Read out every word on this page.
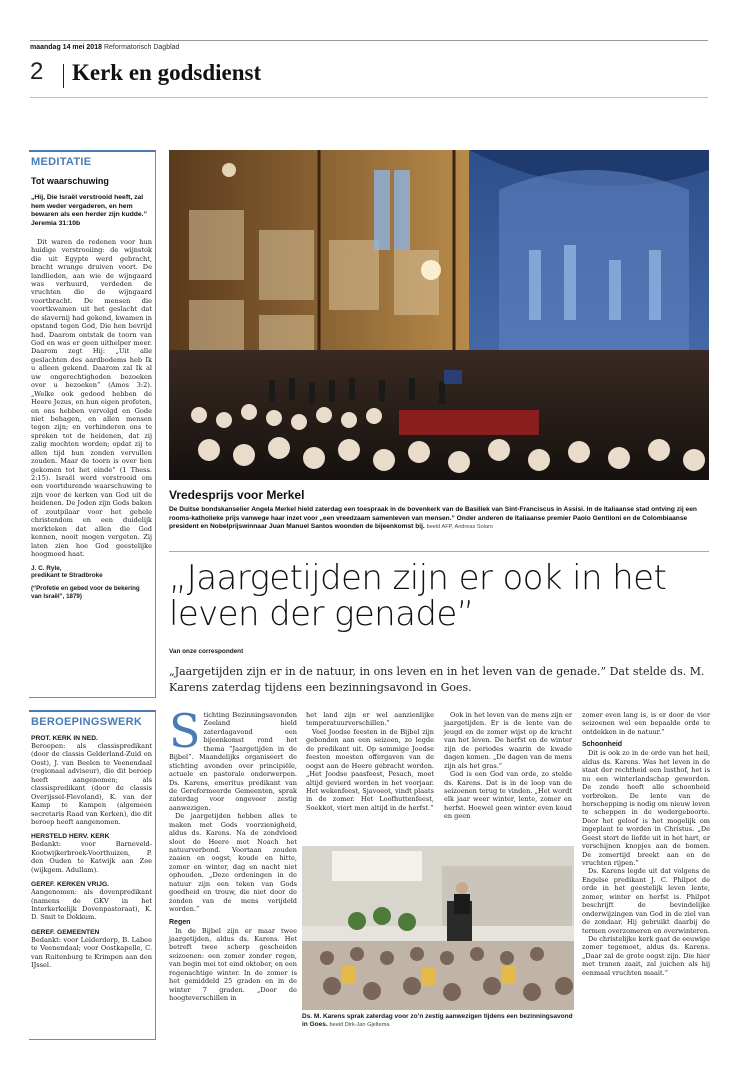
maandag 14 mei 2018 Reformatorisch Dagblad
2 Kerk en godsdienst
MEDITATIE
Tot waarschuwing
„Hij, Die Israël verstrooid heeft, zal hem weder vergaderen, en hem bewaren als een herder zijn kudde.”
Jeremia 31:10b
Dit waren de redenen voor hun huidige verstrooiing: de wijnstok die uit Egypte werd gebracht, bracht wrange druiven voort. De landlieden, aan wie de wijngaard was verhuurd, verdeden de vruchten die de wijngaard voortbracht. De mensen die voortkwamen uit het geslacht dat de slavernij had gekend, kwamen in opstand tegen God, Die hen bevrijd had. Daarom ontstak de toorn van God en was er geen uithelper meer. Daarom zegt Hij: „Uit alle geslachten des aardbodems heb Ik u alleen gekend. Daarom zal Ik al uw ongerechtigheden bezoeken over u bezoeken” (Amos 3:2). „Welke ook gedood hebben de Heere Jezus, en hun eigen profeten, en ons hebben vervolgd en Gode niet behagen, en allen mensen tegen zijn; en verhinderen ons te spreken tot de heidenen, dat zij zalig mochten worden; opdat zij te allen tijd hun zonden vervullen zouden. Maar de toorn is over hen gekomen tot het einde” (1 Thess. 2:15). Israël werd verstrooid om een voortdurende waarschuwing te zijn voor de kerken van God uit de heidenen. De Joden zijn Gods baken of zoutpilaar voor het gehele christendom en een duidelijk merkteken dat allen die God kennen, nooit mogen vergeten. Zij laten zien hoe God geestelijke hoogmoed haat.
J. C. Ryle,
predikant te Stradbroke
(“Profetie en gebed voor de bekering van Israël”, 1879)
BEROEPINGSWERK
PROT. KERK IN NED.
Beroepen: als classispredikant (door de classis Gelderland-Zuid en Oost), J. van Beelen te Veenendaal (regionaal adviseur), die dit beroep heeft aangenomen; als classispredikant (door de classis Overijssel-Flevoland), K. van der Kamp te Kampen (algemeen secretaris Raad van Kerken), die dit beroep heeft aangenomen.
HERSTELD HERV. KERK
Bedankt: voor Barneveld-Kootwijkerbroek-Voorthuizen, P. den Ouden te Katwijk aan Zee (wijkgem. Adullam).
GEREF. KERKEN VRIJG.
Aangenomen: als dovenpredikant (namens de GKV in het Interkerkelijk Dovenpastoraat), K. D. Smit te Dokkum.
GEREF. GEMEENTEN
Bedankt: voor Leiderdorp, B. Labee te Veenendaal; voor Oostkapelle, C. van Ruitenburg te Krimpen aan den IJssel.
Vredesprijs voor Merkel
De Duitse bondskanselier Angela Merkel hield zaterdag een toespraak in de bovenkerk van de Basiliek van Sint-Franciscus in Assisi. In de Italiaanse stad ontving zij een rooms-katholieke prijs vanwege haar inzet voor „een vreedzaam samenleven van mensen.” Onder anderen de Italiaanse premier Paolo Gentiloni en de Colombiaanse president en Nobelprijswinnaar Juan Manuel Santos woonden de bijeenkomst bij. beeld AFP, Andreas Solaro
„Jaargetijden zijn er ook in het leven der genade”
Van onze correspondent
„Jaargetijden zijn er in de natuur, in ons leven en in het leven van de genade.” Dat stelde ds. M. Karens zaterdag tijdens een bezinningsavond in Goes.
S tichting Bezinningsavonden Zeeland hield zaterdagavond een bijeenkomst rond het thema “Jaargetijden in de Bijbel”. Maandelijks organiseert de stichting avonden over principiële, actuele en pastorale onderwerpen. Ds. Karens, emeritus predikant van de Gereformeerde Gemeenten, sprak zaterdag voor ongeveer zestig aanwezigen.

De jaargetijden hebben alles te maken met Gods voorzienigheid, aldus ds. Karens. Na de zondvloed sloot de Heere met Noach het natuurverbond. Voortaan zouden zaaien en oogst, koude en hitte, zomer en winter, dag en nacht niet ophouden. „Deze ordeningen in de natuur zijn een teken van Gods goedheid en trouw, die niet door de zonden van de mens verijdeld worden.”

Regen

In de Bijbel zijn er maar twee jaargetijden, aldus ds. Karens. Het betreft twee scherp gescheiden seizoenen: een zomer zonder regen, van begin mei tot eind oktober, en een regenachtige winter. In de zomer is het gemiddeld 25 graden en in de winter 7 graden. „Door de hoogteverschillen in

het land zijn er wel aanzienlijke temperatuurverschillen.”

Veel Joodse feesten in de Bijbel zijn gebonden aan een seizoen, zo legde de predikant uit. Op sommige Joodse feesten moesten offergaven van de oogst aan de Heere gebracht worden. „Het Joodse paasfeest, Pesach, moet altijd gevierd worden in het voorjaar. Het wekenfeest, Sjavoeot, vindt plaats in de zomer. Het Loofhuttenfeest, Soekkot, viert men altijd in de herfst.”

Ook in het leven van de mens zijn er jaargetijden. Er is de lente van de jeugd en de zomer wijst op de kracht van het leven. De herfst en de winter zijn de periodes waarin de kwade dagen komen. „De dagen van de mens zijn als het gras.”

God is een God van orde, zo stelde ds. Karens. Dat is in de loop van de seizoenen terug te vinden. „Het wordt elk jaar weer winter, lente, zomer en herfst. Hoewel geen winter even koud en geen

zomer even lang is, is er door de vier seizoenen wel een bepaalde orde te ontdekken in de natuur.”

Schoonheid

Dit is ook zo in de orde van het heil, aldus ds. Karens. Was het leven in de staat der rechtheid een lusthof, het is nu een winterlandschap geworden. De zonde heeft alle schoonheid verbroken. De lente van de herschepping is nodig om nieuw leven te scheppen in de wedergeboorte. Door het geloof is het mogelijk om ingeplant te worden in Christus. „De Geest stort de liefde uit in het hart, er verschijnen knopjes aan de bomen. De zomertijd breekt aan en de vruchten rijpen.”

Ds. Karens legde uit dat volgens de Engelse predikant J. C. Philpot de orde in het geestelijk leven lente, zomer, winter en herfst is. Philpot beschrijft de bevindelijke onderwijzingen van God in de ziel van de zondaar. Hij gebruikt daarbij de termen overzomeren en overwinteren.

De christelijke kerk gaat de eeuwige zomer tegemoet, aldus ds. Karens. „Daar zal de grote oogst zijn. Die hier met tranen zaait, zal juichen als hij eenmaal vruchten maait.”

Ds. M. Karens sprak zaterdag voor zo’n zestig aanwezigen tijdens een bezinningsavond in Goes. beeld Dirk-Jan Gjeltema
